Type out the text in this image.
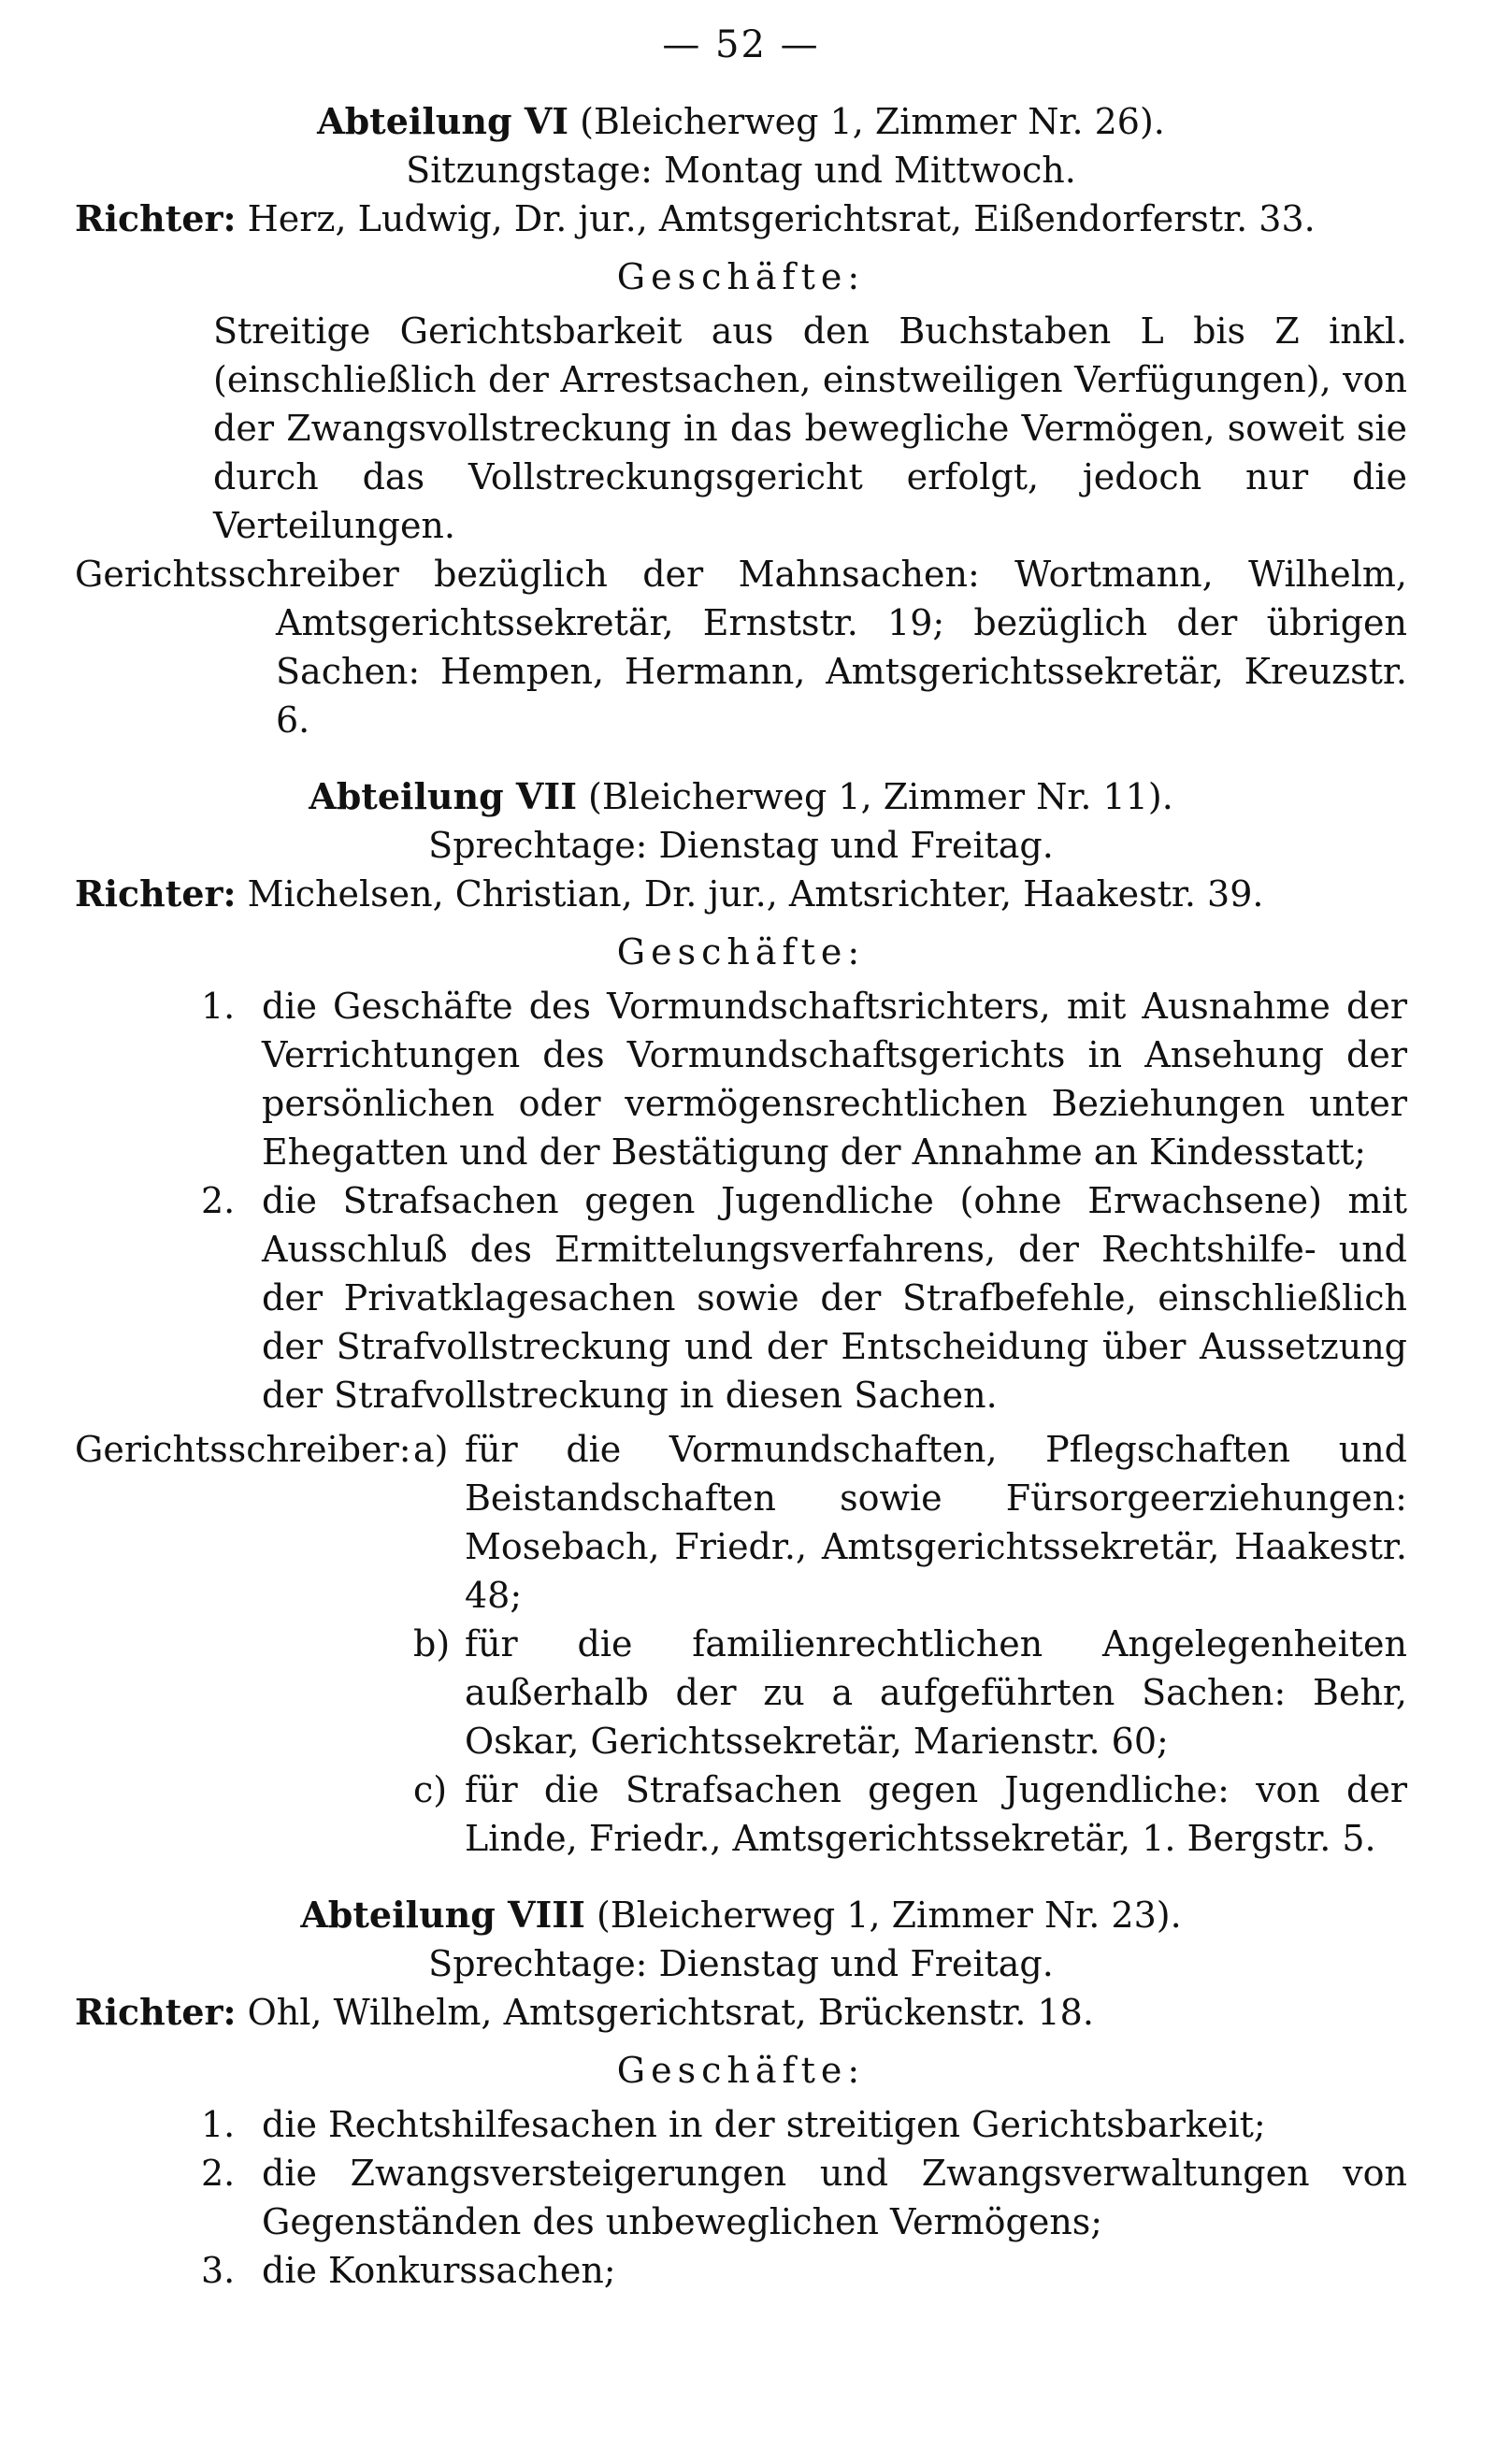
— 52 —

Abteilung VI (Bleicherweg 1, Zimmer Nr. 26).

Sitzungstage: Montag und Mittwoch.

Richter: Herz, Ludwig, Dr. jur., Amtsgerichtsrat, Eißendorferstr. 33.

Geschäfte:

Streitige Gerichtsbarkeit aus den Buchstaben L bis Z inkl. (einschließlich der Arrestsachen, einstweiligen Verfügungen), von der Zwangsvollstreckung in das bewegliche Vermögen, soweit sie durch das Vollstreckungsgericht erfolgt, jedoch nur die Verteilungen.

Gerichtsschreiber bezüglich der Mahnsachen: Wortmann, Wilhelm, Amtsgerichtssekretär, Ernststr. 19; bezüglich der übrigen Sachen: Hempen, Hermann, Amtsgerichtssekretär, Kreuzstr. 6.

Abteilung VII (Bleicherweg 1, Zimmer Nr. 11).

Sprechtage: Dienstag und Freitag.

Richter: Michelsen, Christian, Dr. jur., Amtsrichter, Haakestr. 39.

Geschäfte:

1. die Geschäfte des Vormundschaftsrichters, mit Ausnahme der Verrichtungen des Vormundschaftsgerichts in Ansehung der persönlichen oder vermögensrechtlichen Beziehungen unter Ehegatten und der Bestätigung der Annahme an Kindesstatt;
2. die Strafsachen gegen Jugendliche (ohne Erwachsene) mit Ausschluß des Ermittelungsverfahrens, der Rechtshilfe- und der Privatklagesachen sowie der Strafbefehle, einschließlich der Strafvollstreckung und der Entscheidung über Aussetzung der Strafvollstreckung in diesen Sachen.
Gerichtsschreiber: a) für die Vormundschaften, Pflegschaften und Beistandschaften sowie Fürsorgeerziehungen: Mosebach, Friedr., Amtsgerichtssekretär, Haakestr. 48;
b) für die familienrechtlichen Angelegenheiten außerhalb der zu a aufgeführten Sachen: Behr, Oskar, Gerichtssekretär, Marienstr. 60;
c) für die Strafsachen gegen Jugendliche: von der Linde, Friedr., Amtsgerichtssekretär, 1. Bergstr. 5.

Abteilung VIII (Bleicherweg 1, Zimmer Nr. 23).

Sprechtage: Dienstag und Freitag.

Richter: Ohl, Wilhelm, Amtsgerichtsrat, Brückenstr. 18.

Geschäfte:

1. die Rechtshilfesachen in der streitigen Gerichtsbarkeit;
2. die Zwangsversteigerungen und Zwangsverwaltungen von Gegenständen des unbeweglichen Vermögens;
3. die Konkurssachen;
